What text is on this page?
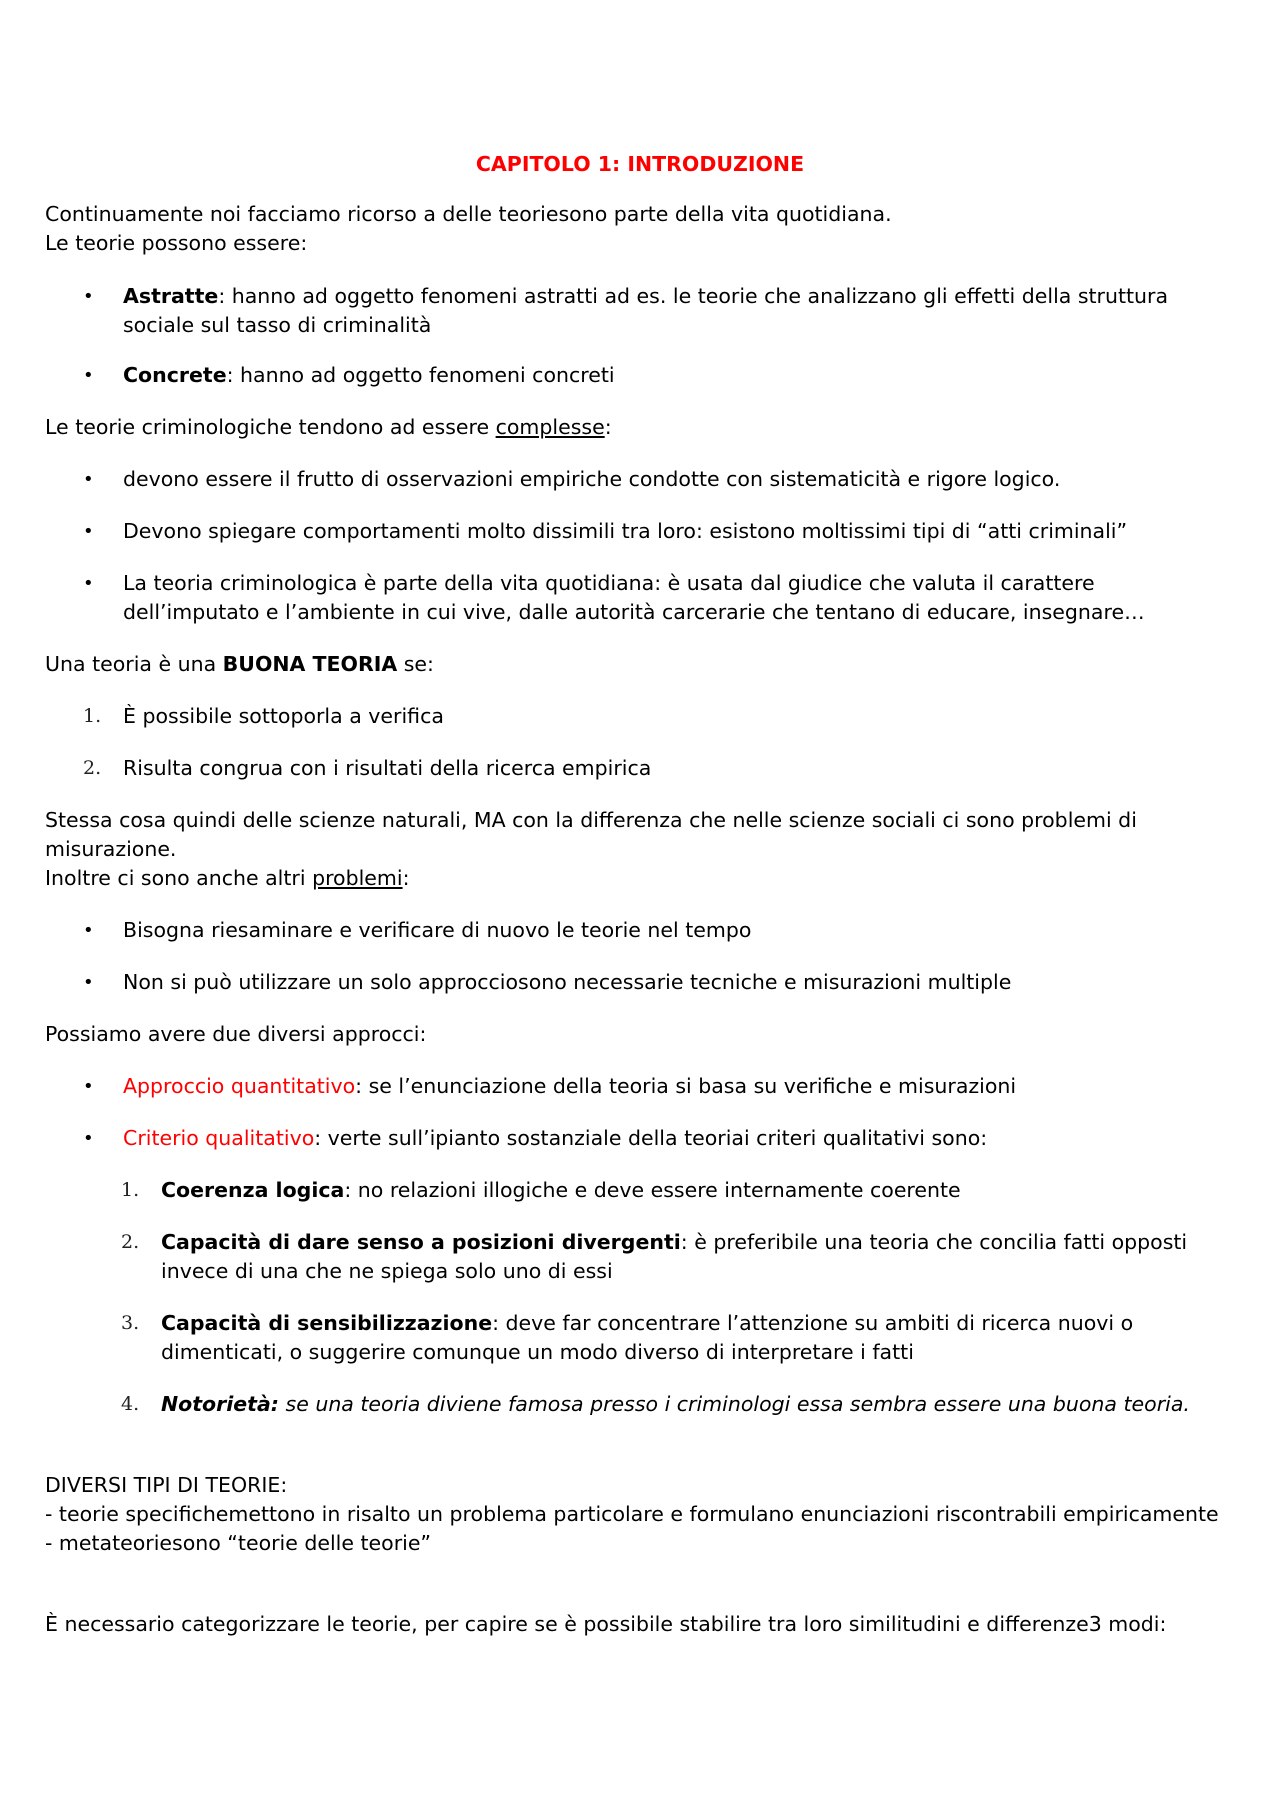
CAPITOLO 1: INTRODUZIONE

Continuamente noi facciamo ricorso a delle teoriesono parte della vita quotidiana.
Le teorie possono essere:

•	Astratte: hanno ad oggetto fenomeni astratti ad es. le teorie che analizzano gli effetti della struttura sociale sul tasso di criminalità

•	Concrete: hanno ad oggetto fenomeni concreti

Le teorie criminologiche tendono ad essere complesse:

•	devono essere il frutto di osservazioni empiriche condotte con sistematicità e rigore logico.

•	Devono spiegare comportamenti molto dissimili tra loro: esistono moltissimi tipi di “atti criminali”

•	La teoria criminologica è parte della vita quotidiana: è usata dal giudice che valuta il carattere dell’imputato e l’ambiente in cui vive, dalle autorità carcerarie che tentano di educare, insegnare…

Una teoria è una BUONA TEORIA se:

1.	È possibile sottoporla a verifica

2.	Risulta congrua con i risultati della ricerca empirica

Stessa cosa quindi delle scienze naturali, MA con la differenza che nelle scienze sociali ci sono problemi di misurazione.
Inoltre ci sono anche altri problemi:

•	Bisogna riesaminare e verificare di nuovo le teorie nel tempo

•	Non si può utilizzare un solo approcciosono necessarie tecniche e misurazioni multiple

Possiamo avere due diversi approcci:

•	Approccio quantitativo: se l’enunciazione della teoria si basa su verifiche e misurazioni

•	Criterio qualitativo: verte sull’ipianto sostanziale della teoriai criteri qualitativi sono:

1.	Coerenza logica: no relazioni illogiche e deve essere internamente coerente

2.	Capacità di dare senso a posizioni divergenti: è preferibile una teoria che concilia fatti opposti invece di una che ne spiega solo uno di essi

3.	Capacità di sensibilizzazione: deve far concentrare l’attenzione su ambiti di ricerca nuovi o dimenticati, o suggerire comunque un modo diverso di interpretare i fatti

4.	Notorietà: se una teoria diviene famosa presso i criminologi essa sembra essere una buona teoria.

DIVERSI TIPI DI TEORIE:
- teorie specifichemettono in risalto un problema particolare e formulano enunciazioni riscontrabili empiricamente
- metateoriesono “teorie delle teorie”

È necessario categorizzare le teorie, per capire se è possibile stabilire tra loro similitudini e differenze3 modi:
